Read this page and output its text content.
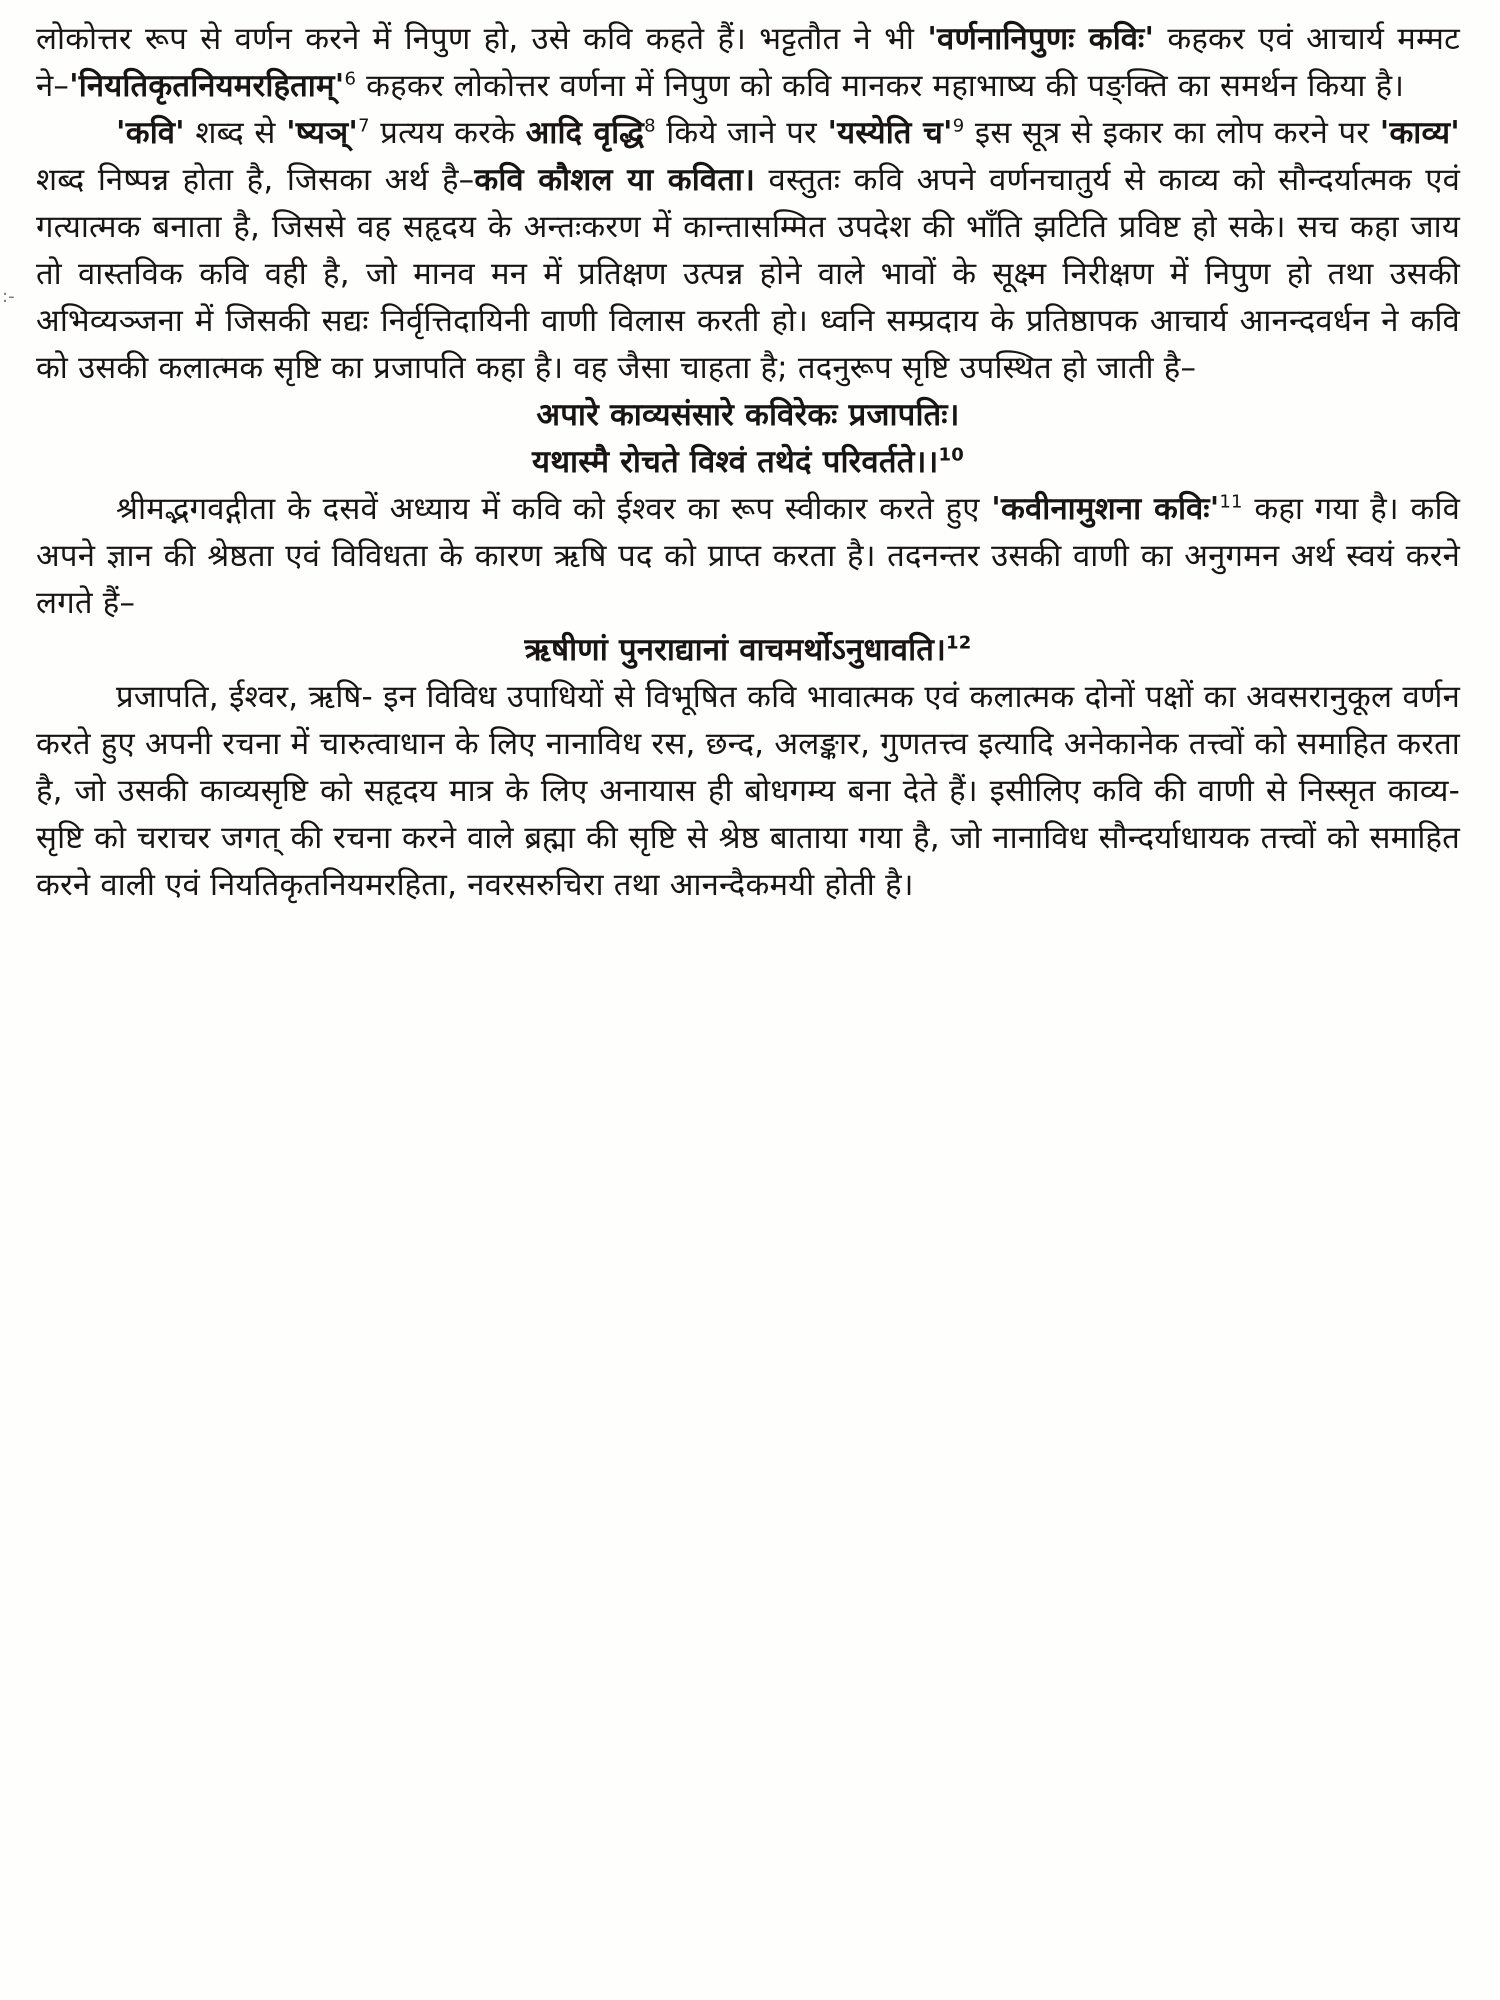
:-

लोकोत्तर रूप से वर्णन करने में निपुण हो, उसे कवि कहते हैं। भट्टतौत ने भी 'वर्णनानिपुणः कविः' कहकर एवं आचार्य मम्मट ने–'नियतिकृतनियमरहिताम्'$^6$ कहकर लोकोत्तर वर्णना में निपुण को कवि मानकर महाभाष्य की पङ्क्ति का समर्थन किया है।

'कवि' शब्द से 'ष्यञ्'$^7$ प्रत्यय करके आदि वृद्धि$^8$ किये जाने पर 'यस्येति च'$^9$ इस सूत्र से इकार का लोप करने पर 'काव्य' शब्द निष्पन्न होता है, जिसका अर्थ है–कवि कौशल या कविता। वस्तुतः कवि अपने वर्णनचातुर्य से काव्य को सौन्दर्यात्मक एवं गत्यात्मक बनाता है, जिससे वह सहृदय के अन्तःकरण में कान्तासम्मित उपदेश की भाँति झटिति प्रविष्ट हो सके। सच कहा जाय तो वास्तविक कवि वही है, जो मानव मन में प्रतिक्षण उत्पन्न होने वाले भावों के सूक्ष्म निरीक्षण में निपुण हो तथा उसकी अभिव्यञ्जना में जिसकी सद्यः निर्वृत्तिदायिनी वाणी विलास करती हो। ध्वनि सम्प्रदाय के प्रतिष्ठापक आचार्य आनन्दवर्धन ने कवि को उसकी कलात्मक सृष्टि का प्रजापति कहा है। वह जैसा चाहता है; तदनुरूप सृष्टि उपस्थित हो जाती है–

अपारे काव्यसंसारे कविरेकः प्रजापतिः।

यथास्मै रोचते विश्वं तथेदं परिवर्तते।।$^{10}$

श्रीमद्भगवद्गीता के दसवें अध्याय में कवि को ईश्वर का रूप स्वीकार करते हुए 'कवीनामुशना कविः'$^{11}$ कहा गया है। कवि अपने ज्ञान की श्रेष्ठता एवं विविधता के कारण ऋषि पद को प्राप्त करता है। तदनन्तर उसकी वाणी का अनुगमन अर्थ स्वयं करने लगते हैं–

ऋषीणां पुनराद्यानां वाचमर्थोऽनुधावति।$^{12}$

प्रजापति, ईश्वर, ऋषि- इन विविध उपाधियों से विभूषित कवि भावात्मक एवं कलात्मक दोनों पक्षों का अवसरानुकूल वर्णन करते हुए अपनी रचना में चारुत्वाधान के लिए नानाविध रस, छन्द, अलङ्कार, गुणतत्त्व इत्यादि अनेकानेक तत्त्वों को समाहित करता है, जो उसकी काव्यसृष्टि को सहृदय मात्र के लिए अनायास ही बोधगम्य बना देते हैं। इसीलिए कवि की वाणी से निस्सृत काव्य-सृष्टि को चराचर जगत् की रचना करने वाले ब्रह्मा की सृष्टि से श्रेष्ठ बाताया गया है, जो नानाविध सौन्दर्याधायक तत्त्वों को समाहित करने वाली एवं नियतिकृतनियमरहिता, नवरसरुचिरा तथा आनन्दैकमयी होती है।
